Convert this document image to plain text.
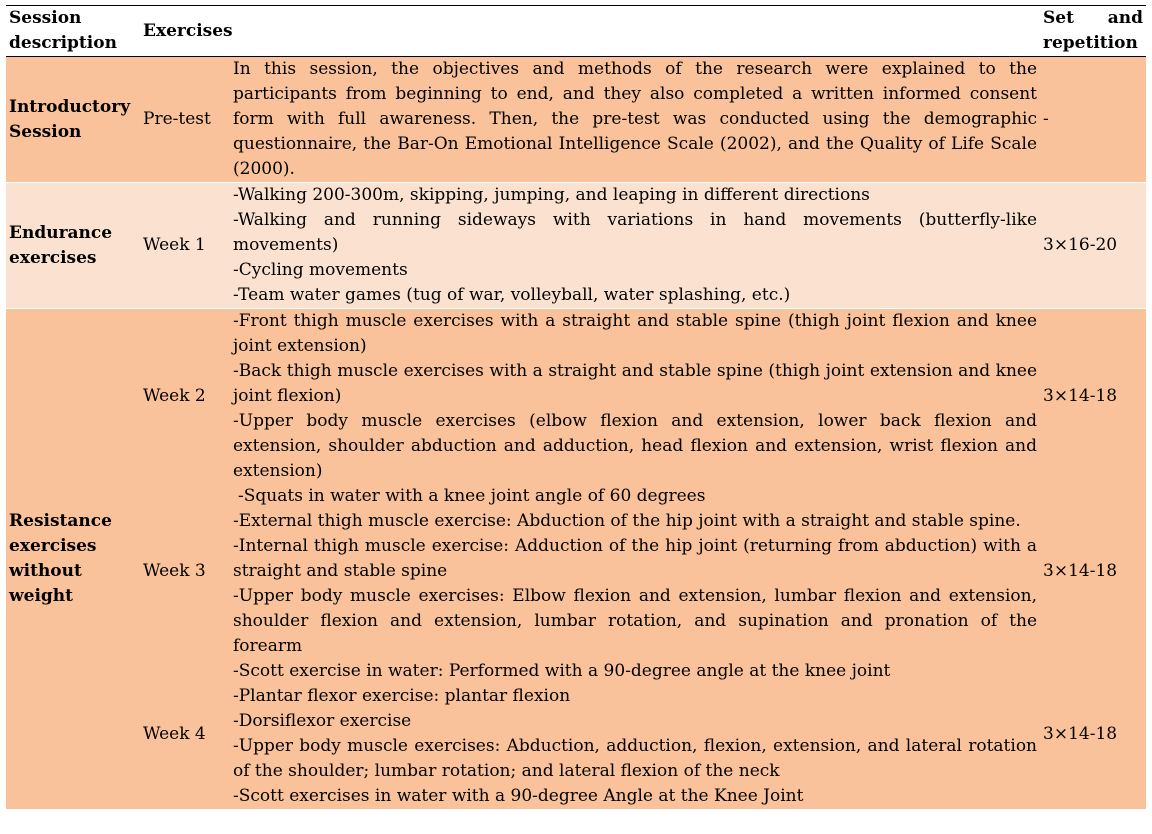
Session description	Exercises		Set and
repetition

Introductory Session	Pre-test	In this session, the objectives and methods of the research were explained to the participants from beginning to end, and they also completed a written informed consent form with full awareness. Then, the pre-test was conducted using the demographic questionnaire, the Bar-On Emotional Intelligence Scale (2002), and the Quality of Life Scale (2000).	-
Endurance exercises	Week 1	-Walking 200-300m, skipping, jumping, and leaping in different directions
-Walking and running sideways with variations in hand movements (butterfly-like movements)
-Cycling movements
-Team water games (tug of war, volleyball, water splashing, etc.)	3×16-20
Resistance exercises without weight	Week 2	-Front thigh muscle exercises with a straight and stable spine (thigh joint flexion and knee joint extension)
-Back thigh muscle exercises with a straight and stable spine (thigh joint extension and knee joint flexion)
-Upper body muscle exercises (elbow flexion and extension, lower back flexion and extension, shoulder abduction and adduction, head flexion and extension, wrist flexion and extension)	3×14-18
	Week 3	-Squats in water with a knee joint angle of 60 degrees
-External thigh muscle exercise: Abduction of the hip joint with a straight and stable spine.
-Internal thigh muscle exercise: Adduction of the hip joint (returning from abduction) with a straight and stable spine
-Upper body muscle exercises: Elbow flexion and extension, lumbar flexion and extension, shoulder flexion and extension, lumbar rotation, and supination and pronation of the forearm	3×14-18
	Week 4	-Scott exercise in water: Performed with a 90-degree angle at the knee joint
-Plantar flexor exercise: plantar flexion
-Dorsiflexor exercise
-Upper body muscle exercises: Abduction, adduction, flexion, extension, and lateral rotation of the shoulder; lumbar rotation; and lateral flexion of the neck
-Scott exercises in water with a 90-degree Angle at the Knee Joint	3×14-18
